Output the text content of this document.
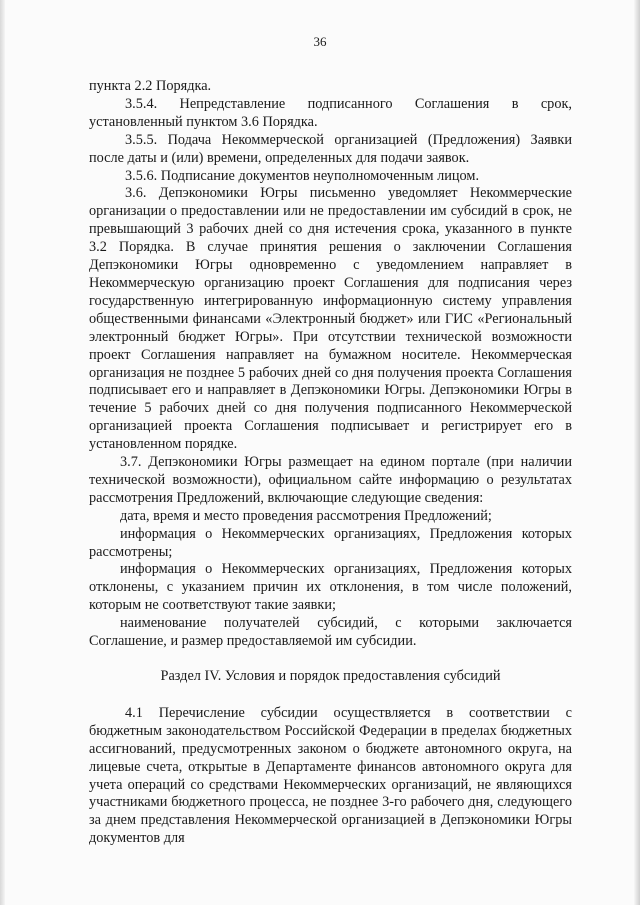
36

пункта 2.2 Порядка.

3.5.4. Непредставление подписанного Соглашения в срок, установленный пунктом 3.6 Порядка.

3.5.5. Подача Некоммерческой организацией (Предложения) Заявки после даты и (или) времени, определенных для подачи заявок.

3.5.6. Подписание документов неуполномоченным лицом.

3.6. Депэкономики Югры письменно уведомляет Некоммерческие организации о предоставлении или не предоставлении им субсидий в срок, не превышающий 3 рабочих дней со дня истечения срока, указанного в пункте 3.2 Порядка. В случае принятия решения о заключении Соглашения Депэкономики Югры одновременно с уведомлением направляет в Некоммерческую организацию проект Соглашения для подписания через государственную интегрированную информационную систему управления общественными финансами «Электронный бюджет» или ГИС «Региональный электронный бюджет Югры». При отсутствии технической возможности проект Соглашения направляет на бумажном носителе. Некоммерческая организация не позднее 5 рабочих дней со дня получения проекта Соглашения подписывает его и направляет в Депэкономики Югры. Депэкономики Югры в течение 5 рабочих дней со дня получения подписанного Некоммерческой организацией проекта Соглашения подписывает и регистрирует его в установленном порядке.

3.7. Депэкономики Югры размещает на едином портале (при наличии технической возможности), официальном сайте информацию о результатах рассмотрения Предложений, включающие следующие сведения:

дата, время и место проведения рассмотрения Предложений;

информация о Некоммерческих организациях, Предложения которых рассмотрены;

информация о Некоммерческих организациях, Предложения которых отклонены, с указанием причин их отклонения, в том числе положений, которым не соответствуют такие заявки;

наименование получателей субсидий, с которыми заключается Соглашение, и размер предоставляемой им субсидии.

Раздел IV. Условия и порядок предоставления субсидий

4.1 Перечисление субсидии осуществляется в соответствии с бюджетным законодательством Российской Федерации в пределах бюджетных ассигнований, предусмотренных законом о бюджете автономного округа, на лицевые счета, открытые в Департаменте финансов автономного округа для учета операций со средствами Некоммерческих организаций, не являющихся участниками бюджетного процесса, не позднее 3-го рабочего дня, следующего за днем представления Некоммерческой организацией в Депэкономики Югры документов для
